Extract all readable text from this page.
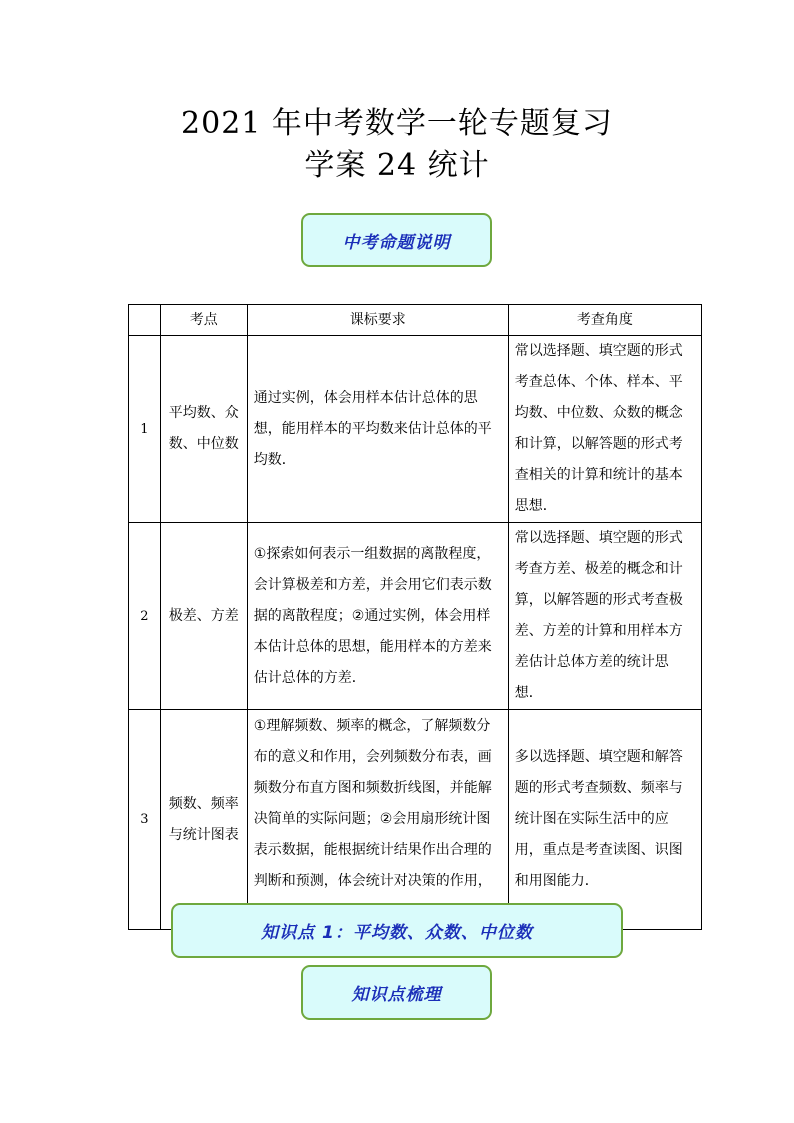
2021 年中考数学一轮专题复习
学案 24 统计
中考命题说明
	考点	课标要求	考查角度
1	平均数、众数、中位数	通过实例，体会用样本估计总体的思想，能用样本的平均数来估计总体的平均数．	常以选择题、填空题的形式考查总体、个体、样本、平均数、中位数、众数的概念和计算，以解答题的形式考查相关的计算和统计的基本思想．
2	极差、方差	①探索如何表示一组数据的离散程度，会计算极差和方差，并会用它们表示数据的离散程度；②通过实例，体会用样本估计总体的思想，能用样本的方差来估计总体的方差．	常以选择题、填空题的形式考查方差、极差的概念和计算，以解答题的形式考查极差、方差的计算和用样本方差估计总体方差的统计思想．
3	频数、频率与统计图表	①理解频数、频率的概念，了解频数分布的意义和作用，会列频数分布表，画频数分布直方图和频数折线图，并能解决简单的实际问题；②会用扇形统计图表示数据，能根据统计结果作出合理的判断和预测，体会统计对决策的作用，	多以选择题、填空题和解答题的形式考查频数、频率与统计图在实际生活中的应用，重点是考查读图、识图和用图能力．
知识点 1：平均数、众数、中位数
知识点梳理
